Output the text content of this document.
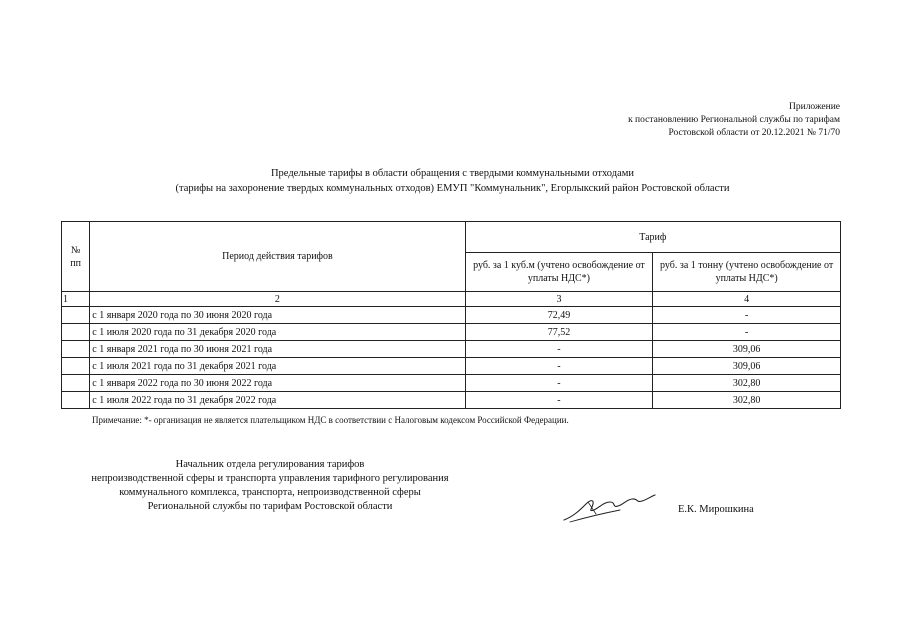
Приложение
к постановлению Региональной службы по тарифам
Ростовской области от 20.12.2021 № 71/70
Предельные тарифы в области обращения с твердыми коммунальными отходами
(тарифы на захоронение твердых коммунальных отходов) ЕМУП "Коммунальник", Егорлыкский район Ростовской области
№ пп	Период действия тарифов	Тариф	
		руб. за 1 куб.м (учтено освобождение от уплаты НДС*)	руб. за 1 тонну (учтено освобождение от уплаты НДС*)
1	2	3	4
	с 1 января 2020 года по 30 июня 2020 года	72,49	-
	с 1 июля 2020 года по 31 декабря 2020 года	77,52	-
	с 1 января 2021 года по 30 июня 2021 года	-	309,06
	с 1 июля 2021 года по 31 декабря 2021 года	-	309,06
	с 1 января 2022 года по 30 июня 2022 года	-	302,80
	с 1 июля 2022 года по 31 декабря 2022 года	-	302,80
Примечание: *- организация не является плательщиком НДС в соответствии с Налоговым кодексом Российской Федерации.
Начальник отдела регулирования тарифов
непроизводственной сферы и транспорта управления тарифного регулирования
коммунального комплекса, транспорта, непроизводственной сферы
Региональной службы по тарифам Ростовской области	Е.К. Мирошкина
